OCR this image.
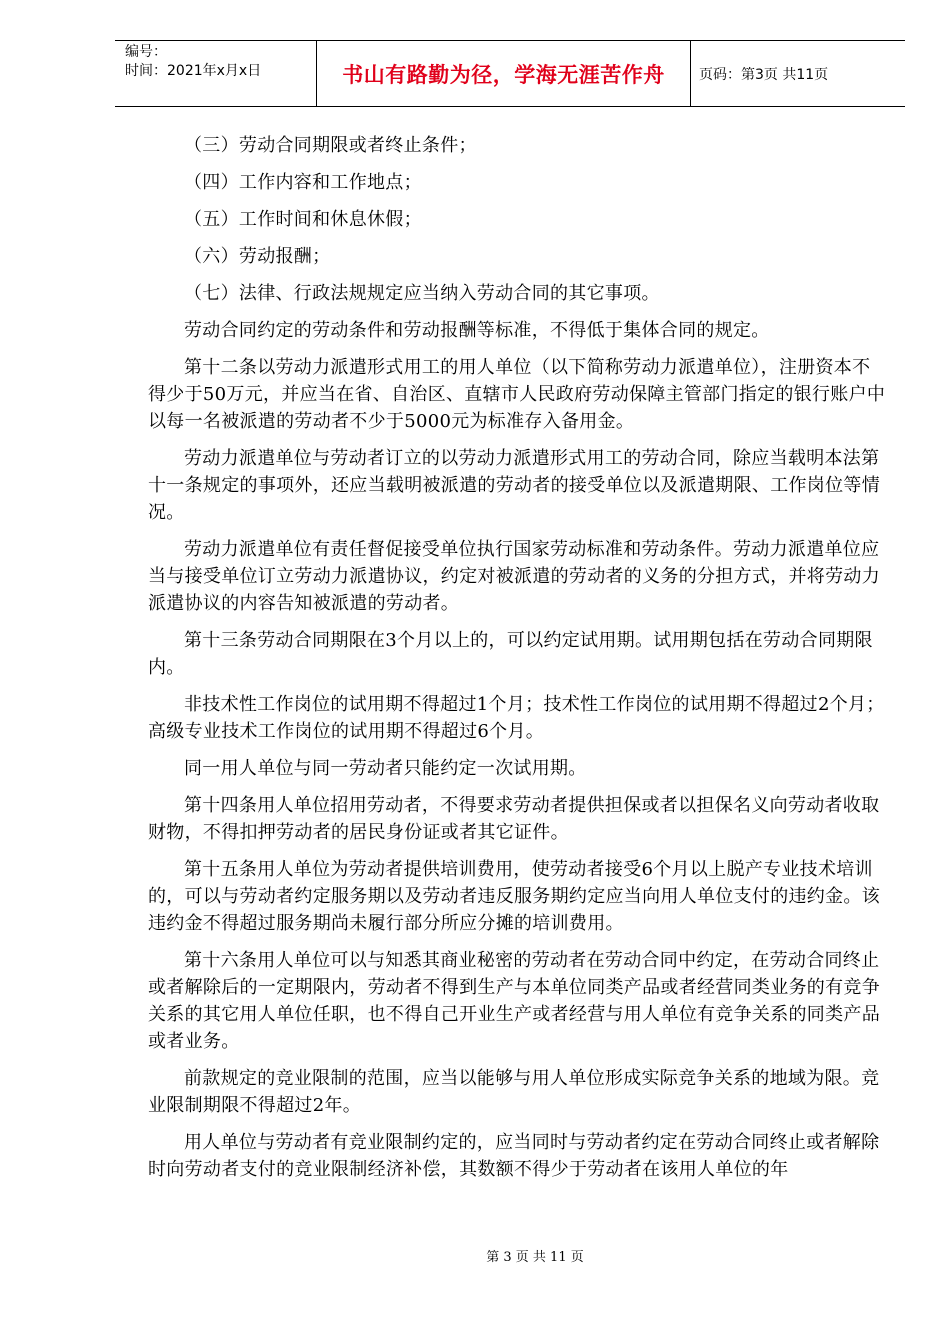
编号：
时间：2021年x月x日	书山有路勤为径，学海无涯苦作舟 页码：第3页 共11页

（三）劳动合同期限或者终止条件；

（四）工作内容和工作地点；

（五）工作时间和休息休假；

（六）劳动报酬；

（七）法律、行政法规规定应当纳入劳动合同的其它事项。

劳动合同约定的劳动条件和劳动报酬等标准，不得低于集体合同的规定。

第十二条以劳动力派遣形式用工的用人单位（以下简称劳动力派遣单位），注册资本不得少于50万元，并应当在省、自治区、直辖市人民政府劳动保障主管部门指定的银行账户中以每一名被派遣的劳动者不少于5000元为标准存入备用金。

劳动力派遣单位与劳动者订立的以劳动力派遣形式用工的劳动合同，除应当载明本法第十一条规定的事项外，还应当载明被派遣的劳动者的接受单位以及派遣期限、工作岗位等情况。

劳动力派遣单位有责任督促接受单位执行国家劳动标准和劳动条件。劳动力派遣单位应当与接受单位订立劳动力派遣协议，约定对被派遣的劳动者的义务的分担方式，并将劳动力派遣协议的内容告知被派遣的劳动者。

第十三条劳动合同期限在3个月以上的，可以约定试用期。试用期包括在劳动合同期限内。

非技术性工作岗位的试用期不得超过1个月；技术性工作岗位的试用期不得超过2个月；高级专业技术工作岗位的试用期不得超过6个月。

同一用人单位与同一劳动者只能约定一次试用期。

第十四条用人单位招用劳动者，不得要求劳动者提供担保或者以担保名义向劳动者收取财物，不得扣押劳动者的居民身份证或者其它证件。

第十五条用人单位为劳动者提供培训费用，使劳动者接受6个月以上脱产专业技术培训的，可以与劳动者约定服务期以及劳动者违反服务期约定应当向用人单位支付的违约金。该违约金不得超过服务期尚未履行部分所应分摊的培训费用。

第十六条用人单位可以与知悉其商业秘密的劳动者在劳动合同中约定，在劳动合同终止或者解除后的一定期限内，劳动者不得到生产与本单位同类产品或者经营同类业务的有竞争关系的其它用人单位任职，也不得自己开业生产或者经营与用人单位有竞争关系的同类产品或者业务。

前款规定的竞业限制的范围，应当以能够与用人单位形成实际竞争关系的地域为限。竞业限制期限不得超过2年。

用人单位与劳动者有竞业限制约定的，应当同时与劳动者约定在劳动合同终止或者解除时向劳动者支付的竞业限制经济补偿，其数额不得少于劳动者在该用人单位的年

第 3 页 共 11 页
